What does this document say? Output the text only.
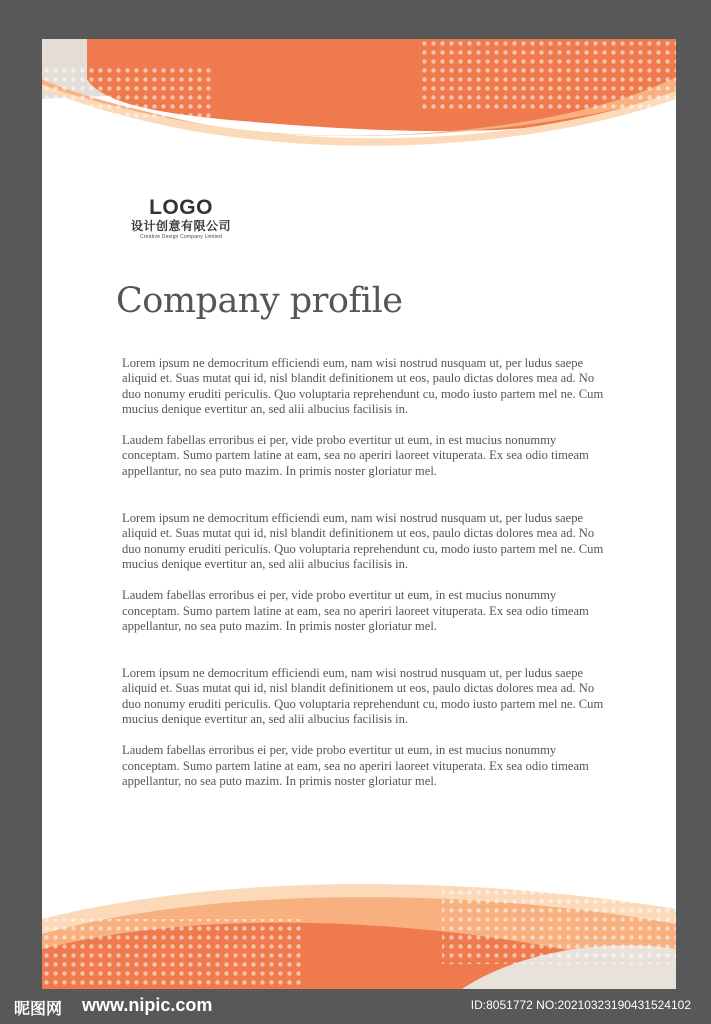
LOGO
设计创意有限公司
Creative Design Company Limited
Company profile

Lorem ipsum ne democritum efficiendi eum, nam wisi nostrud nusquam ut, per ludus saepe aliquid et. Suas mutat qui id, nisl blandit definitionem ut eos, paulo dictas dolores mea ad. No duo nonumy eruditi periculis. Quo voluptaria reprehendunt cu, modo iusto partem mel ne. Cum mucius denique evertitur an, sed alii albucius facilisis in.

Laudem fabellas erroribus ei per, vide probo evertitur ut eum, in est mucius nonummy conceptam. Sumo partem latine at eam, sea no aperiri laoreet vituperata. Ex sea odio timeam appellantur, no sea puto mazim. In primis noster gloriatur mel.

Lorem ipsum ne democritum efficiendi eum, nam wisi nostrud nusquam ut, per ludus saepe aliquid et. Suas mutat qui id, nisl blandit definitionem ut eos, paulo dictas dolores mea ad. No duo nonumy eruditi periculis. Quo voluptaria reprehendunt cu, modo iusto partem mel ne. Cum mucius denique evertitur an, sed alii albucius facilisis in.

Laudem fabellas erroribus ei per, vide probo evertitur ut eum, in est mucius nonummy conceptam. Sumo partem latine at eam, sea no aperiri laoreet vituperata. Ex sea odio timeam appellantur, no sea puto mazim. In primis noster gloriatur mel.

Lorem ipsum ne democritum efficiendi eum, nam wisi nostrud nusquam ut, per ludus saepe aliquid et. Suas mutat qui id, nisl blandit definitionem ut eos, paulo dictas dolores mea ad. No duo nonumy eruditi periculis. Quo voluptaria reprehendunt cu, modo iusto partem mel ne. Cum mucius denique evertitur an, sed alii albucius facilisis in.

Laudem fabellas erroribus ei per, vide probo evertitur ut eum, in est mucius nonummy conceptam. Sumo partem latine at eam, sea no aperiri laoreet vituperata. Ex sea odio timeam appellantur, no sea puto mazim. In primis noster gloriatur mel.

昵图网 www.nipic.com	ID:8051772 NO:20210323190431524102
